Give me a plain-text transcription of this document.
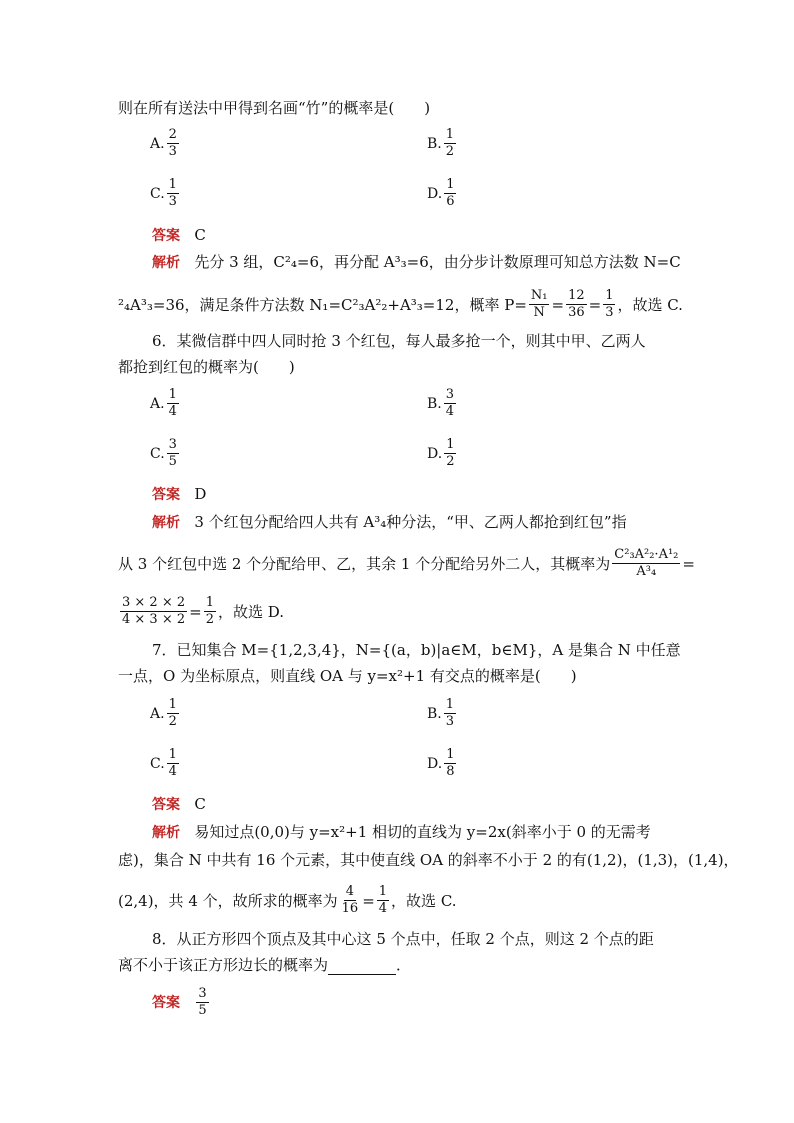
则在所有送法中甲得到名画“竹”的概率是(　　)
A. $\frac{2}{3}$	B. $\frac{1}{2}$
C. $\frac{1}{3}$	D. $\frac{1}{6}$
答案 C
解析 先分 3 组，C²₄=6，再分配 A³₃=6，由分步计数原理可知总方法数 N=C
²₄A³₃=36，满足条件方法数 N₁=C²₃A²₂+A³₃=12，概率 $P= \frac{\text{N₁}}{N} = \frac{12}{36} = \frac{1}{3}$ ，故选 C.
6．某微信群中四人同时抢 3 个红包，每人最多抢一个，则其中甲、乙两人
都抢到红包的概率为(　　)
A. $\frac{1}{4}$	B. $\frac{3}{4}$
C. $\frac{3}{5}$	D. $\frac{1}{2}$
答案 D
解析 3 个红包分配给四人共有 A³₄种分法，“甲、乙两人都抢到红包”指
从 3 个红包中选 2 个分配给甲、乙，其余 1 个分配给另外二人，其概率为 $\frac{\text{C²₃A²₂·A¹₂}}{\text{A³₄}}$ =
$\frac{3 \times 2 \times 2}{4 \times 3 \times 2} = \frac{1}{2}$ ，故选 D.
7．已知集合 M={1,2,3,4}，N={(a，b)|a∈M，b∈M}，A 是集合 N 中任意
一点，O 为坐标原点，则直线 OA 与 y=x²+1 有交点的概率是(　　)
A. $\frac{1}{2}$	B. $\frac{1}{3}$
C. $\frac{1}{4}$	D. $\frac{1}{8}$
答案 C
解析 易知过点(0,0)与 y=x²+1 相切的直线为 y=2x(斜率小于 0 的无需考
虑)，集合 N 中共有 16 个元素，其中使直线 OA 的斜率不小于 2 的有(1,2)，(1,3)，(1,4)，
(2,4)，共 4 个，故所求的概率为 $\frac{4}{16} = \frac{1}{4}$ ，故选 C.
8．从正方形四个顶点及其中心这 5 个点中，任取 2 个点，则这 2 个点的距
离不小于该正方形边长的概率为	．
答案
$\frac{3}{5}$
